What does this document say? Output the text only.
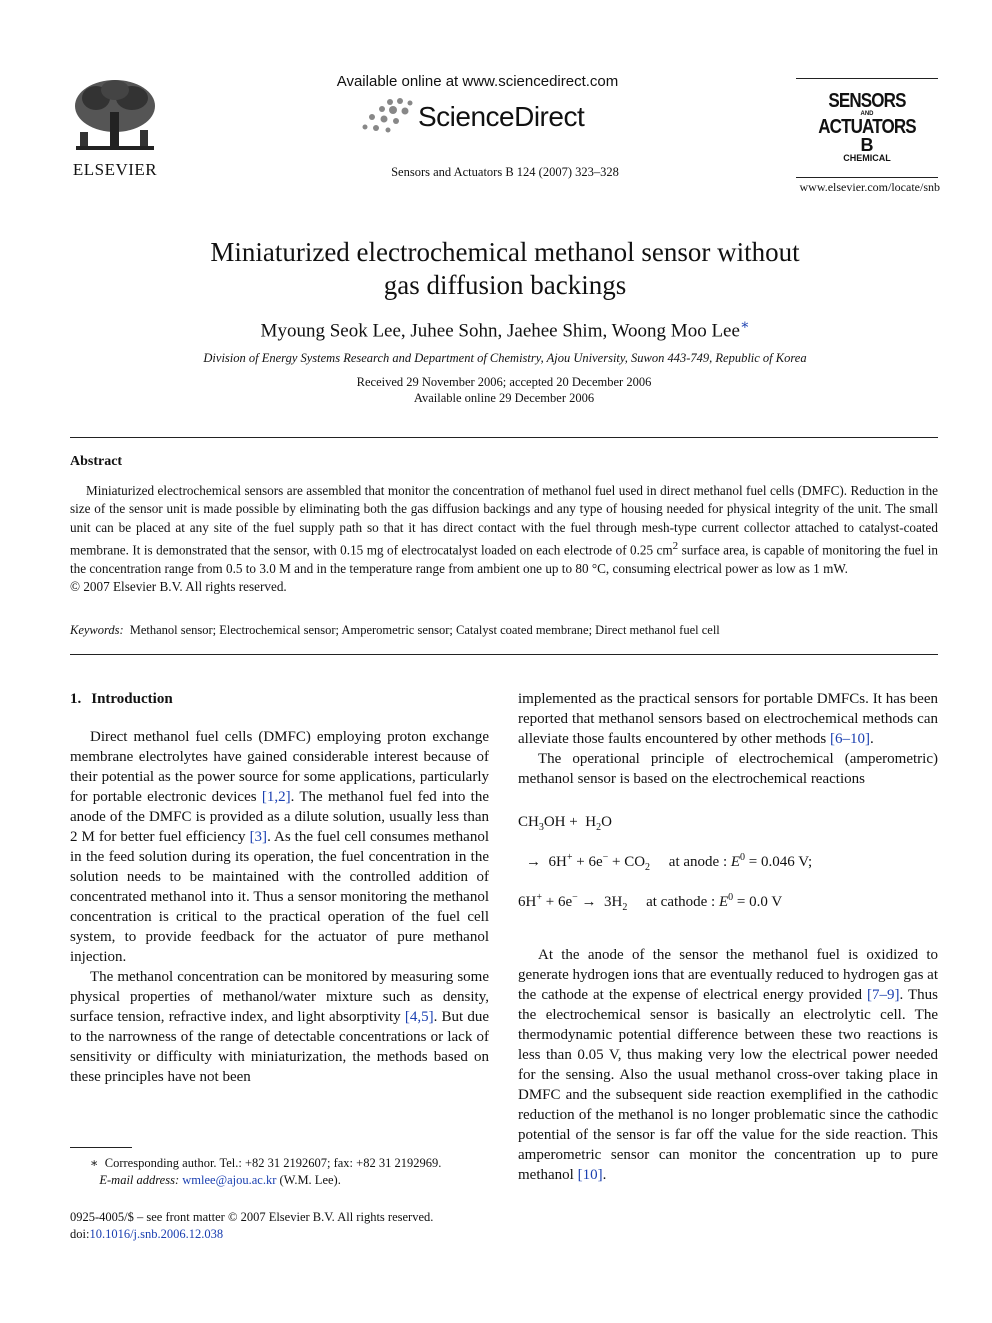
ELSEVIER
Available online at www.sciencedirect.com
ScienceDirect
Sensors and Actuators B 124 (2007) 323–328
SENSORS
AND
ACTUATORS
B
CHEMICAL
www.elsevier.com/locate/snb
Miniaturized electrochemical methanol sensor without
gas diffusion backings
Myoung Seok Lee, Juhee Sohn, Jaehee Shim, Woong Moo Lee∗
Division of Energy Systems Research and Department of Chemistry, Ajou University, Suwon 443-749, Republic of Korea
Received 29 November 2006; accepted 20 December 2006
Available online 29 December 2006
Abstract

Miniaturized electrochemical sensors are assembled that monitor the concentration of methanol fuel used in direct methanol fuel cells (DMFC). Reduction in the size of the sensor unit is made possible by eliminating both the gas diffusion backings and any type of housing needed for physical integrity of the unit. The small unit can be placed at any site of the fuel supply path so that it has direct contact with the fuel through mesh-type current collector attached to catalyst-coated membrane. It is demonstrated that the sensor, with 0.15 mg of electrocatalyst loaded on each electrode of 0.25 $cm^2$ surface area, is capable of monitoring the fuel in the concentration range from 0.5 to 3.0 M and in the temperature range from ambient one up to 80 °C, consuming electrical power as low as 1 mW.

© 2007 Elsevier B.V. All rights reserved.

Keywords: Methanol sensor; Electrochemical sensor; Amperometric sensor; Catalyst coated membrane; Direct methanol fuel cell
1. Introduction

Direct methanol fuel cells (DMFC) employing proton exchange membrane electrolytes have gained considerable interest because of their potential as the power source for some applications, particularly for portable electronic devices [1,2]. The methanol fuel fed into the anode of the DMFC is provided as a dilute solution, usually less than 2 M for better fuel efficiency [3]. As the fuel cell consumes methanol in the feed solution during its operation, the fuel concentration in the solution needs to be maintained with the controlled addition of concentrated methanol into it. Thus a sensor monitoring the methanol concentration is critical to the practical operation of the fuel cell system, to provide feedback for the actuator of pure methanol injection.

The methanol concentration can be monitored by measuring some physical properties of methanol/water mixture such as density, surface tension, refractive index, and light absorptivity [4,5]. But due to the narrowness of the range of detectable concentrations or lack of sensitivity or difficulty with miniaturization, the methods based on these principles have not been

implemented as the practical sensors for portable DMFCs. It has been reported that methanol sensors based on electrochemical methods can alleviate those faults encountered by other methods [6–10].

The operational principle of electrochemical (amperometric) methanol sensor is based on the electrochemical reactions

$CH_3OH + H_2O$
→  $6H^+ + 6e^- + CO_2$ at anode : $E^0 = 0.046$ V;
$6H^+ + 6e^- \to 3H_2$ at cathode : $E^0 = 0.0$ V

At the anode of the sensor the methanol fuel is oxidized to generate hydrogen ions that are eventually reduced to hydrogen gas at the cathode at the expense of electrical energy provided [7–9]. Thus the electrochemical sensor is basically an electrolytic cell. The thermodynamic potential difference between these two reactions is less than 0.05 V, thus making very low the electrical power needed for the sensing. Also the usual methanol cross-over taking place in DMFC and the subsequent side reaction exemplified in the cathodic reduction of the methanol is no longer problematic since the cathodic potential of the sensor is far off the value for the side reaction. This amperometric sensor can monitor the concentration up to pure methanol [10].

∗ Corresponding author. Tel.: +82 31 2192607; fax: +82 31 2192969.
E-mail address: wmlee@ajou.ac.kr (W.M. Lee).
0925-4005/$ – see front matter © 2007 Elsevier B.V. All rights reserved.
doi:10.1016/j.snb.2006.12.038
